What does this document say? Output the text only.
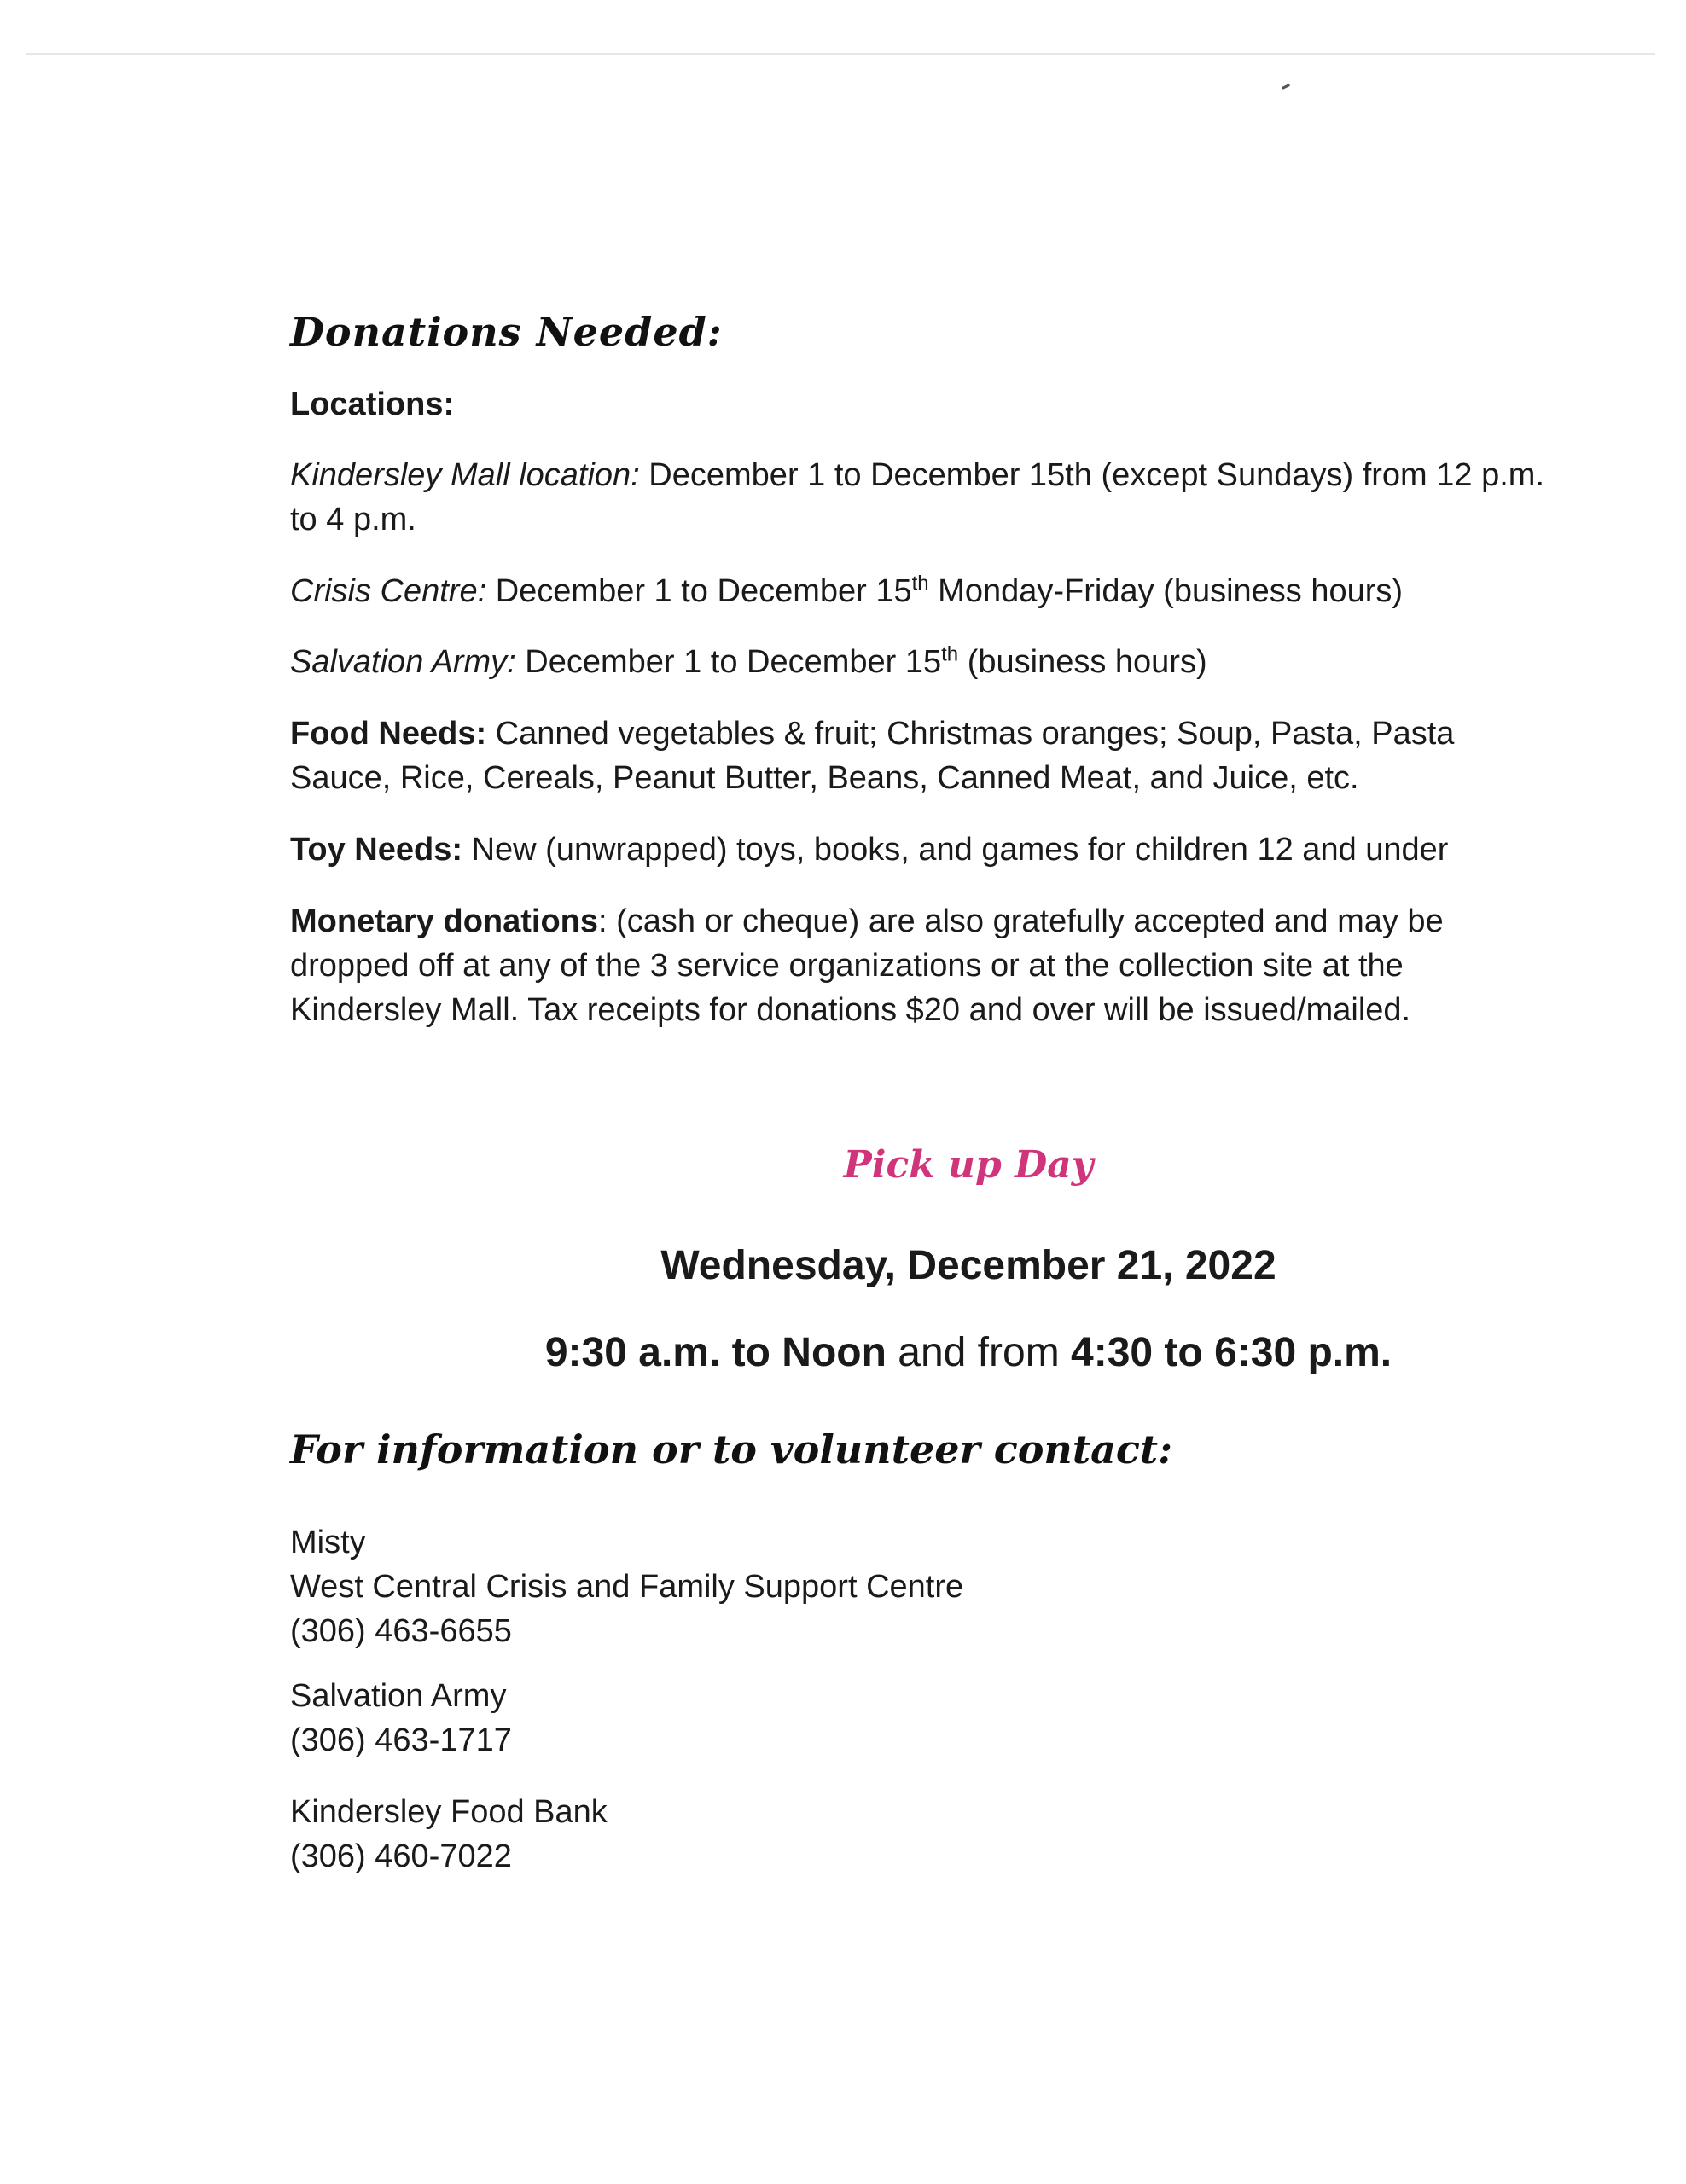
Donations Needed:

Locations:

Kindersley Mall location: December 1 to December 15th (except Sundays) from 12 p.m.
to 4 p.m.

Crisis Centre: December 1 to December 15th Monday-Friday (business hours)

Salvation Army: December 1 to December 15th (business hours)

Food Needs: Canned vegetables & fruit; Christmas oranges; Soup, Pasta, Pasta
Sauce, Rice, Cereals, Peanut Butter, Beans, Canned Meat, and Juice, etc.

Toy Needs: New (unwrapped) toys, books, and games for children 12 and under

Monetary donations: (cash or cheque) are also gratefully accepted and may be
dropped off at any of the 3 service organizations or at the collection site at the
Kindersley Mall. Tax receipts for donations $20 and over will be issued/mailed.

Pick up Day
Wednesday, December 21, 2022
9:30 a.m. to Noon and from 4:30 to 6:30 p.m.
For information or to volunteer contact:
Misty
West Central Crisis and Family Support Centre
(306) 463-6655
Salvation Army
(306) 463-1717
Kindersley Food Bank
(306) 460-7022
